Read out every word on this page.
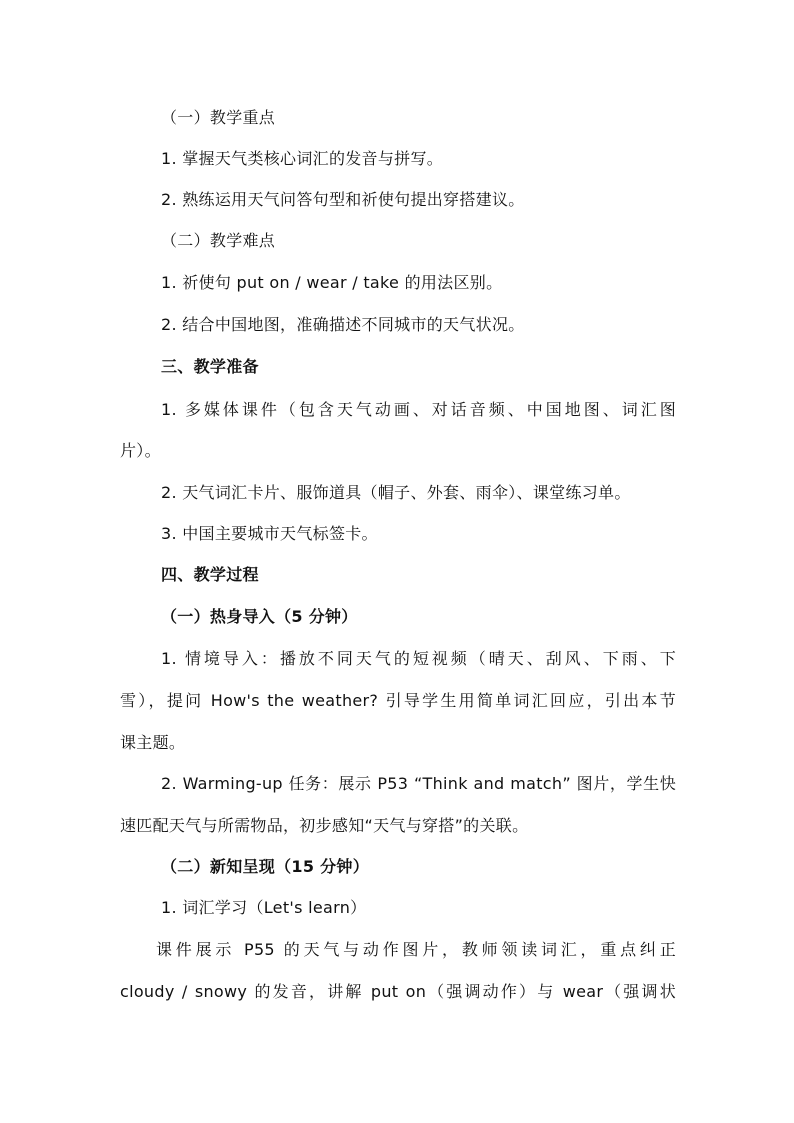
（一）教学重点
1. 掌握天气类核心词汇的发音与拼写。
2. 熟练运用天气问答句型和祈使句提出穿搭建议。
（二）教学难点
1. 祈使句 put on / wear / take 的用法区别。
2. 结合中国地图，准确描述不同城市的天气状况。
三、教学准备
1. 多媒体课件（包含天气动画、对话音频、中国地图、词汇图
片）。
2. 天气词汇卡片、服饰道具（帽子、外套、雨伞）、课堂练习单。
3. 中国主要城市天气标签卡。
四、教学过程
（一）热身导入（5 分钟）
1. 情境导入：播放不同天气的短视频（晴天、刮风、下雨、下
雪），提问 How's the weather? 引导学生用简单词汇回应，引出本节
课主题。
2. Warming-up 任务：展示 P53 “Think and match” 图片，学生快
速匹配天气与所需物品，初步感知“天气与穿搭”的关联。
（二）新知呈现（15 分钟）
1. 词汇学习（Let's learn）
课件展示 P55 的天气与动作图片，教师领读词汇，重点纠正
cloudy / snowy 的发音，讲解 put on（强调动作）与 wear（强调状
